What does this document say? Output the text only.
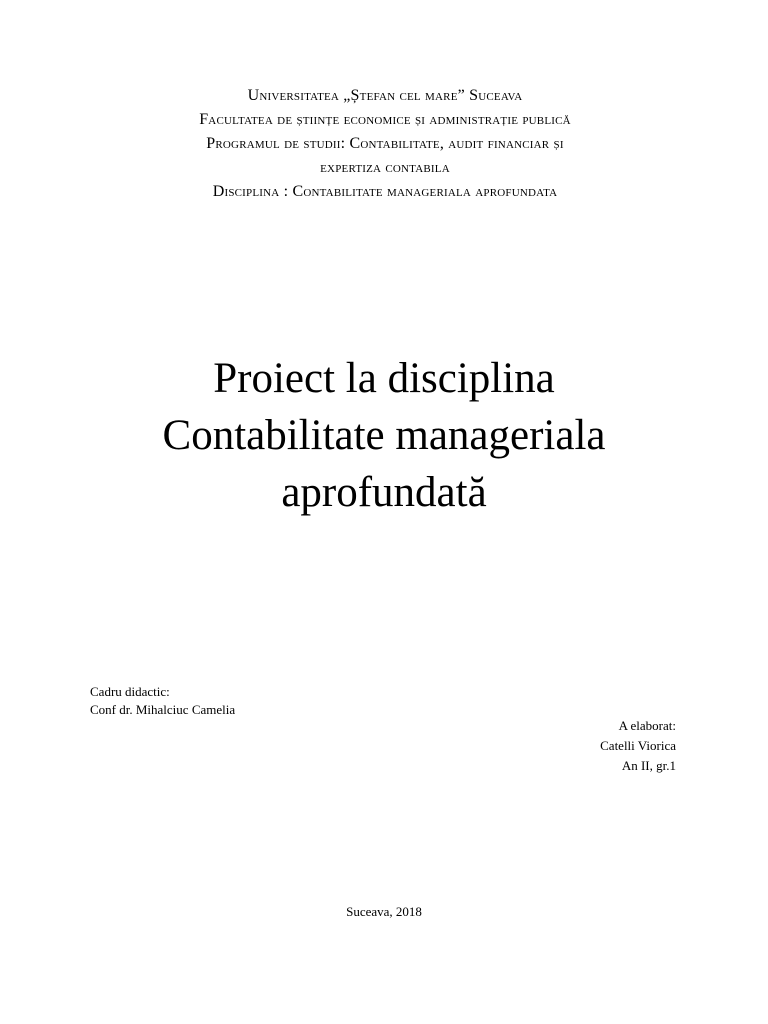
Universitatea „Ștefan cel mare” Suceava
Facultatea de științe economice și administrație publică
Programul de studii: Contabilitate, audit financiar și
expertiza contabila
Disciplina : Contabilitate manageriala aprofundata
Proiect la disciplina
Contabilitate manageriala
aprofundată
Cadru didactic:
Conf dr. Mihalciuc Camelia
A elaborat:
Catelli Viorica
An II, gr.1
Suceava, 2018
